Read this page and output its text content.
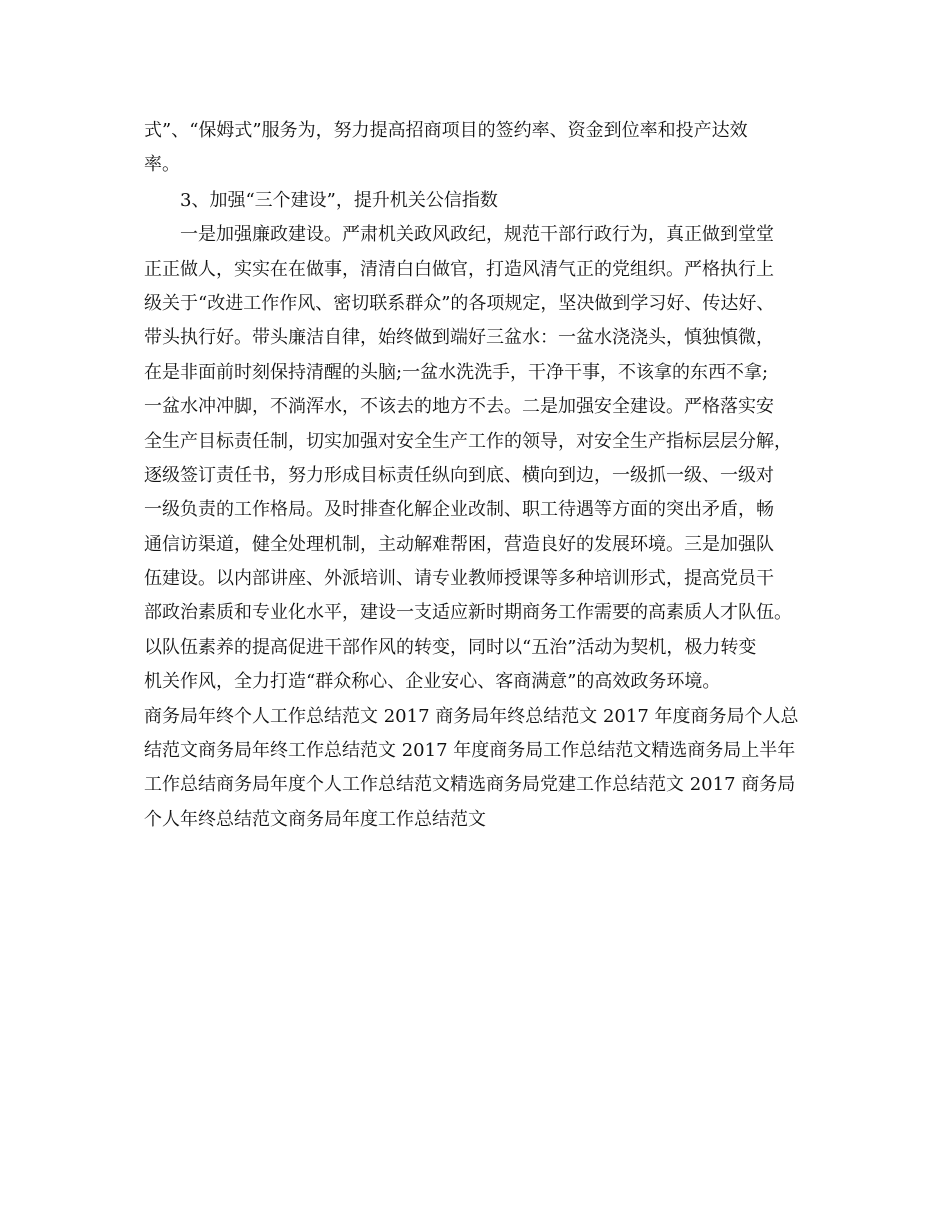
式”、“保姆式”服务为，努力提高招商项目的签约率、资金到位率和投产达效
率。
3、加强“三个建设”，提升机关公信指数
一是加强廉政建设。严肃机关政风政纪，规范干部行政行为，真正做到堂堂
正正做人，实实在在做事，清清白白做官，打造风清气正的党组织。严格执行上
级关于“改进工作作风、密切联系群众”的各项规定，坚决做到学习好、传达好、
带头执行好。带头廉洁自律，始终做到端好三盆水：一盆水浇浇头，慎独慎微，
在是非面前时刻保持清醒的头脑;一盆水洗洗手，干净干事，不该拿的东西不拿;
一盆水冲冲脚，不淌浑水，不该去的地方不去。二是加强安全建设。严格落实安
全生产目标责任制，切实加强对安全生产工作的领导，对安全生产指标层层分解，
逐级签订责任书，努力形成目标责任纵向到底、横向到边，一级抓一级、一级对
一级负责的工作格局。及时排查化解企业改制、职工待遇等方面的突出矛盾，畅
通信访渠道，健全处理机制，主动解难帮困，营造良好的发展环境。三是加强队
伍建设。以内部讲座、外派培训、请专业教师授课等多种培训形式，提高党员干
部政治素质和专业化水平，建设一支适应新时期商务工作需要的高素质人才队伍。
以队伍素养的提高促进干部作风的转变，同时以“五治”活动为契机，极力转变
机关作风，全力打造“群众称心、企业安心、客商满意”的高效政务环境。
商务局年终个人工作总结范文 2017 商务局年终总结范文 2017 年度商务局个人总
结范文商务局年终工作总结范文 2017 年度商务局工作总结范文精选商务局上半年
工作总结商务局年度个人工作总结范文精选商务局党建工作总结范文 2017 商务局
个人年终总结范文商务局年度工作总结范文
